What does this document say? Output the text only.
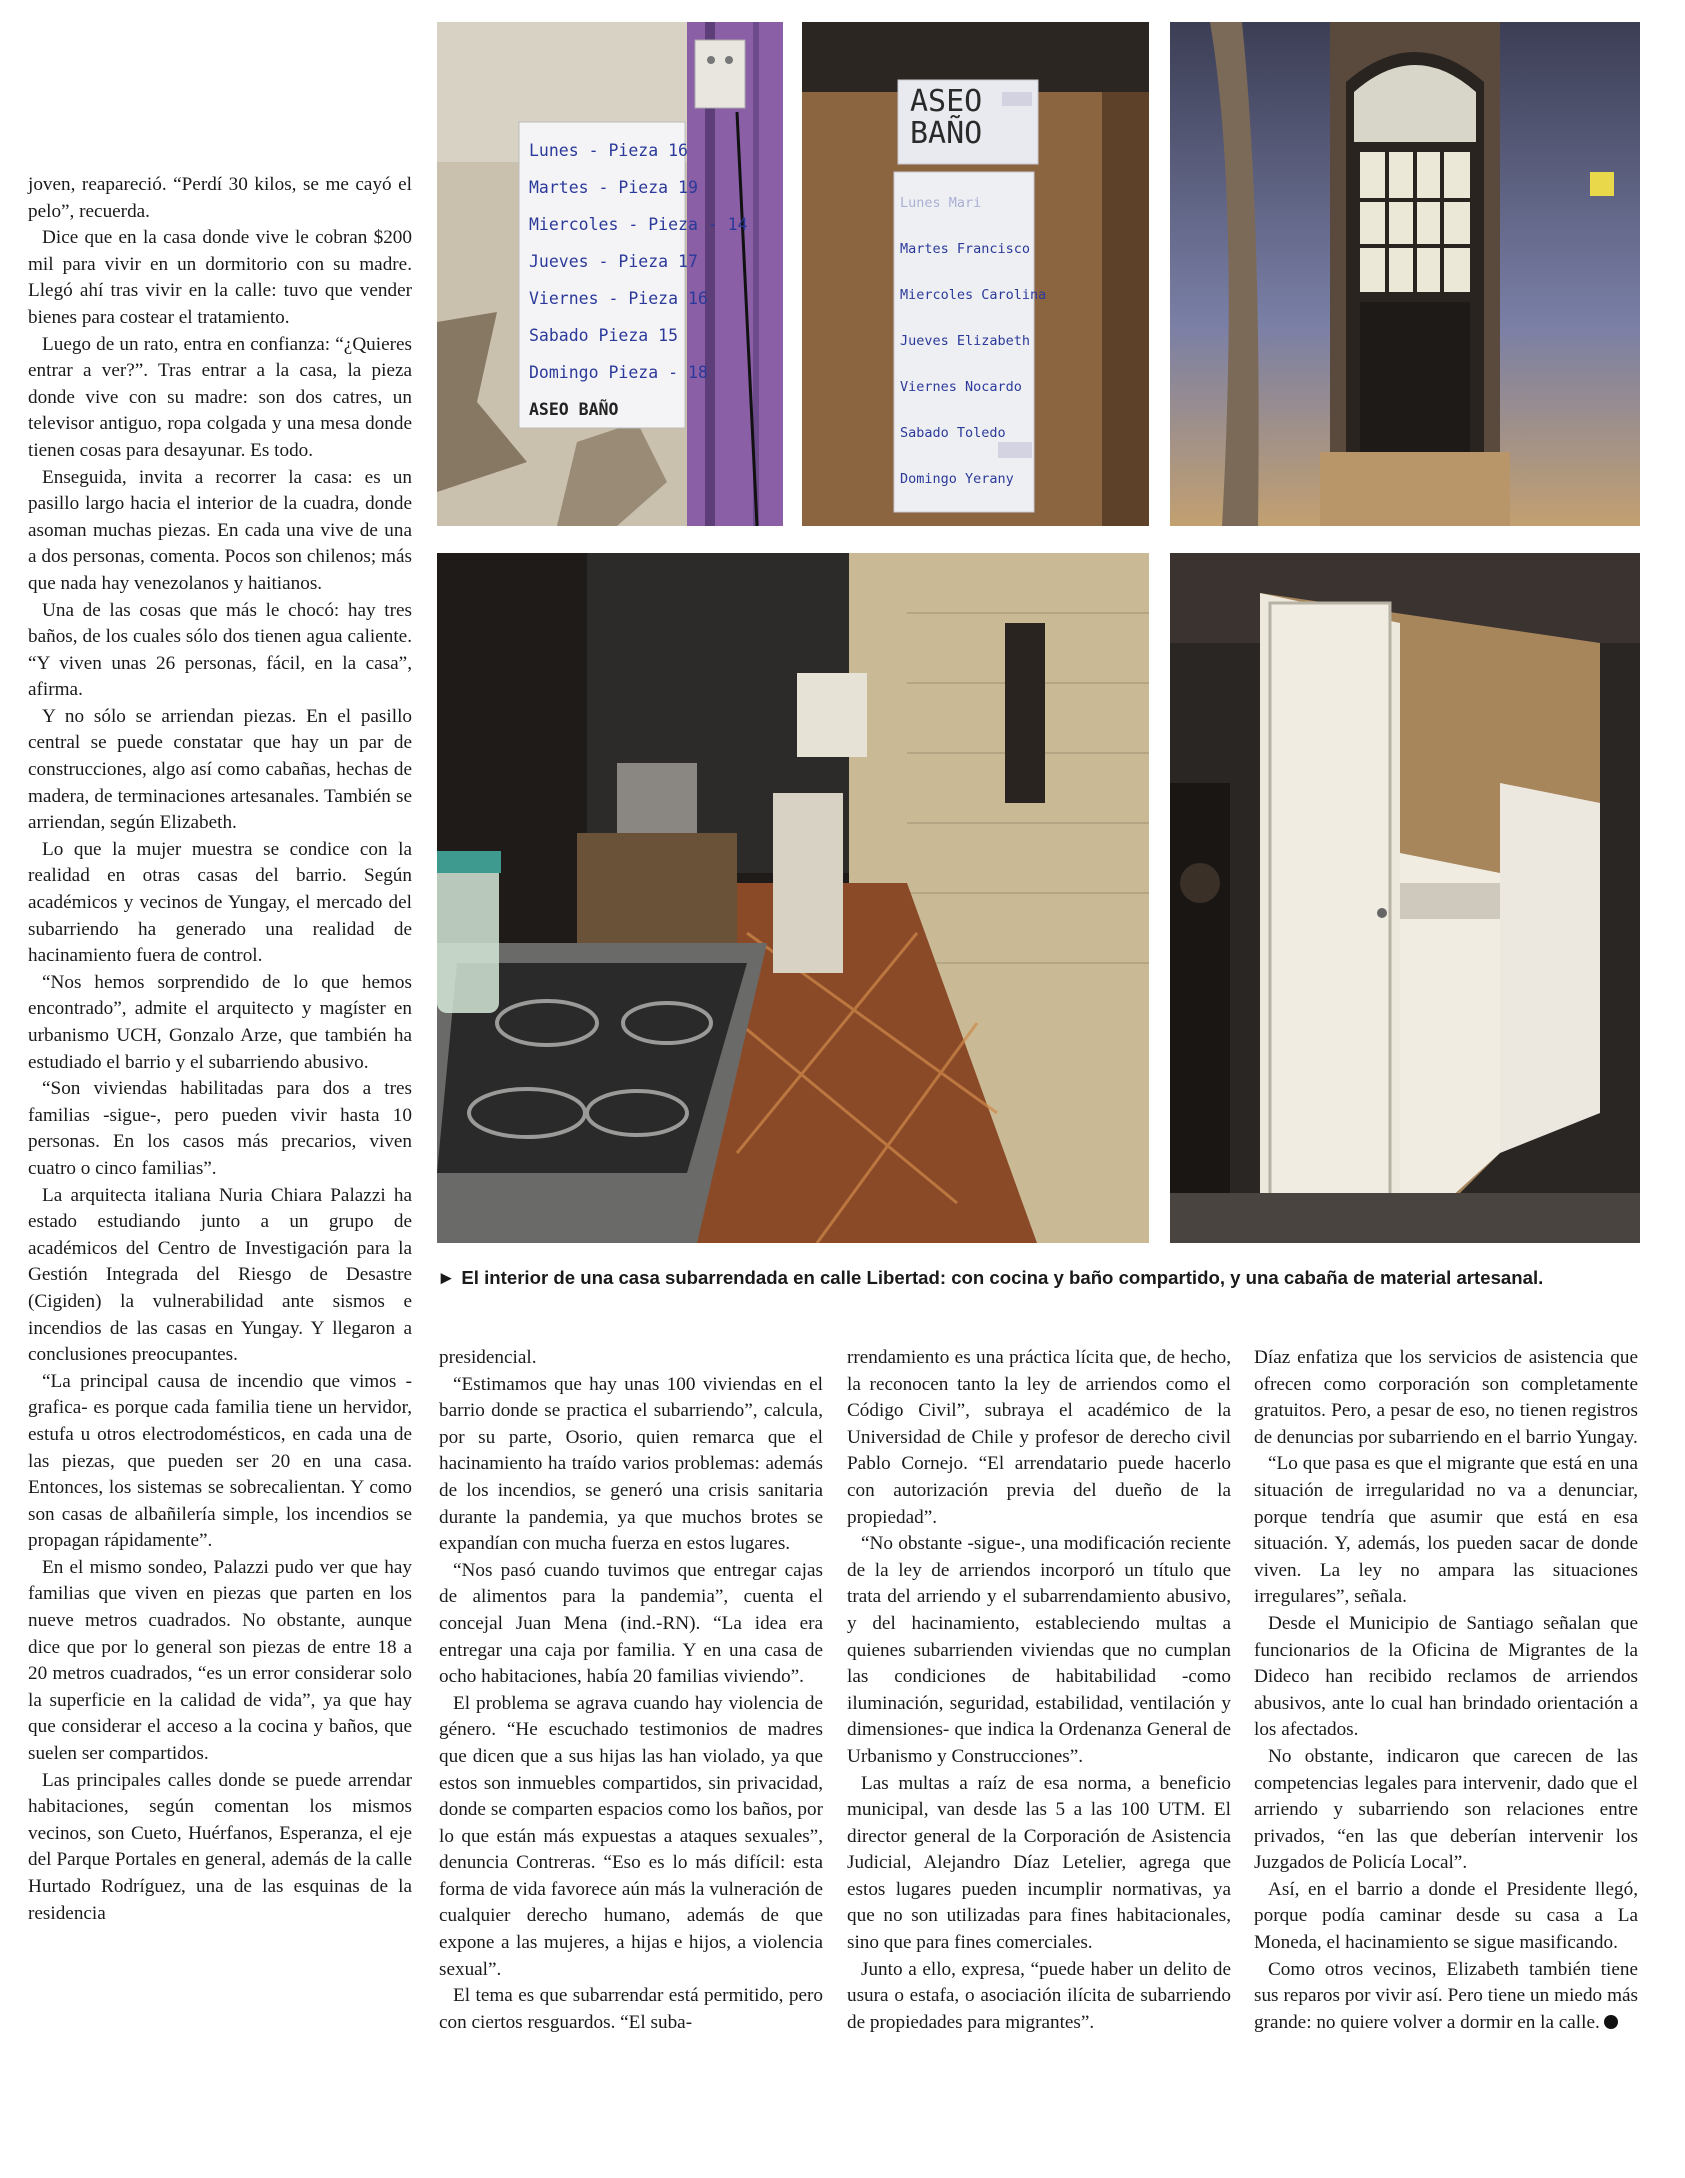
Lunes - Pieza 16
Martes - Pieza 19
Miercoles - Pieza - 14
Jueves - Pieza 17
Viernes - Pieza 16
Sabado Pieza 15
Domingo Pieza - 18
ASEO BAÑO
ASEO
BAÑO
Lunes Mari
Martes Francisco
Miercoles Carolina
Jueves Elizabeth
Viernes Nocardo
Sabado Toledo
Domingo Yerany
► El interior de una casa subarrendada en calle Libertad: con cocina y baño compartido, y una cabaña de material artesanal.

joven, reapareció. “Perdí 30 kilos, se me cayó el pelo”, recuerda.

Dice que en la casa donde vive le cobran $200 mil para vivir en un dormitorio con su madre. Llegó ahí tras vivir en la calle: tuvo que vender bienes para costear el tratamiento.

Luego de un rato, entra en confianza: “¿Quieres entrar a ver?”. Tras entrar a la casa, la pieza donde vive con su madre: son dos catres, un televisor antiguo, ropa colgada y una mesa donde tienen cosas para desayunar. Es todo.

Enseguida, invita a recorrer la casa: es un pasillo largo hacia el interior de la cuadra, donde asoman muchas piezas. En cada una vive de una a dos personas, comenta. Pocos son chilenos; más que nada hay venezolanos y haitianos.

Una de las cosas que más le chocó: hay tres baños, de los cuales sólo dos tienen agua caliente. “Y viven unas 26 personas, fácil, en la casa”, afirma.

Y no sólo se arriendan piezas. En el pasillo central se puede constatar que hay un par de construcciones, algo así como cabañas, hechas de madera, de terminaciones artesanales. También se arriendan, según Elizabeth.

Lo que la mujer muestra se condice con la realidad en otras casas del barrio. Según académicos y vecinos de Yungay, el mercado del subarriendo ha generado una realidad de hacinamiento fuera de control.

“Nos hemos sorprendido de lo que hemos encontrado”, admite el arquitecto y magíster en urbanismo UCH, Gonzalo Arze, que también ha estudiado el barrio y el subarriendo abusivo.

“Son viviendas habilitadas para dos a tres familias -sigue-, pero pueden vivir hasta 10 personas. En los casos más precarios, viven cuatro o cinco familias”.

La arquitecta italiana Nuria Chiara Palazzi ha estado estudiando junto a un grupo de académicos del Centro de Investigación para la Gestión Integrada del Riesgo de Desastre (Cigiden) la vulnerabilidad ante sismos e incendios de las casas en Yungay. Y llegaron a conclusiones preocupantes.

“La principal causa de incendio que vimos -grafica- es porque cada familia tiene un hervidor, estufa u otros electrodomésticos, en cada una de las piezas, que pueden ser 20 en una casa. Entonces, los sistemas se sobrecalientan. Y como son casas de albañilería simple, los incendios se propagan rápidamente”.

En el mismo sondeo, Palazzi pudo ver que hay familias que viven en piezas que parten en los nueve metros cuadrados. No obstante, aunque dice que por lo general son piezas de entre 18 a 20 metros cuadrados, “es un error considerar solo la superficie en la calidad de vida”, ya que hay que considerar el acceso a la cocina y baños, que suelen ser compartidos.

Las principales calles donde se puede arrendar habitaciones, según comentan los mismos vecinos, son Cueto, Huérfanos, Esperanza, el eje del Parque Portales en general, además de la calle Hurtado Rodríguez, una de las esquinas de la residencia

presidencial.

“Estimamos que hay unas 100 viviendas en el barrio donde se practica el subarriendo”, calcula, por su parte, Osorio, quien remarca que el hacinamiento ha traído varios problemas: además de los incendios, se generó una crisis sanitaria durante la pandemia, ya que muchos brotes se expandían con mucha fuerza en estos lugares.

“Nos pasó cuando tuvimos que entregar cajas de alimentos para la pandemia”, cuenta el concejal Juan Mena (ind.-RN). “La idea era entregar una caja por familia. Y en una casa de ocho habitaciones, había 20 familias viviendo”.

El problema se agrava cuando hay violencia de género. “He escuchado testimonios de madres que dicen que a sus hijas las han violado, ya que estos son inmuebles compartidos, sin privacidad, donde se comparten espacios como los baños, por lo que están más expuestas a ataques sexuales”, denuncia Contreras. “Eso es lo más difícil: esta forma de vida favorece aún más la vulneración de cualquier derecho humano, además de que expone a las mujeres, a hijas e hijos, a violencia sexual”.

El tema es que subarrendar está permitido, pero con ciertos resguardos. “El suba-

rrendamiento es una práctica lícita que, de hecho, la reconocen tanto la ley de arriendos como el Código Civil”, subraya el académico de la Universidad de Chile y profesor de derecho civil Pablo Cornejo. “El arrendatario puede hacerlo con autorización previa del dueño de la propiedad”.

“No obstante -sigue-, una modificación reciente de la ley de arriendos incorporó un título que trata del arriendo y el subarrendamiento abusivo, y del hacinamiento, estableciendo multas a quienes subarrienden viviendas que no cumplan las condiciones de habitabilidad -como iluminación, seguridad, estabilidad, ventilación y dimensiones- que indica la Ordenanza General de Urbanismo y Construcciones”.

Las multas a raíz de esa norma, a beneficio municipal, van desde las 5 a las 100 UTM. El director general de la Corporación de Asistencia Judicial, Alejandro Díaz Letelier, agrega que estos lugares pueden incumplir normativas, ya que no son utilizadas para fines habitacionales, sino que para fines comerciales.

Junto a ello, expresa, “puede haber un delito de usura o estafa, o asociación ilícita de subarriendo de propiedades para migrantes”.

Díaz enfatiza que los servicios de asistencia que ofrecen como corporación son completamente gratuitos. Pero, a pesar de eso, no tienen registros de denuncias por subarriendo en el barrio Yungay.

“Lo que pasa es que el migrante que está en una situación de irregularidad no va a denunciar, porque tendría que asumir que está en esa situación. Y, además, los pueden sacar de donde viven. La ley no ampara las situaciones irregulares”, señala.

Desde el Municipio de Santiago señalan que funcionarios de la Oficina de Migrantes de la Dideco han recibido reclamos de arriendos abusivos, ante lo cual han brindado orientación a los afectados.

No obstante, indicaron que carecen de las competencias legales para intervenir, dado que el arriendo y subarriendo son relaciones entre privados, “en las que deberían intervenir los Juzgados de Policía Local”.

Así, en el barrio a donde el Presidente llegó, porque podía caminar desde su casa a La Moneda, el hacinamiento se sigue masificando.

Como otros vecinos, Elizabeth también tiene sus reparos por vivir así. Pero tiene un miedo más grande: no quiere volver a dormir en la calle.
